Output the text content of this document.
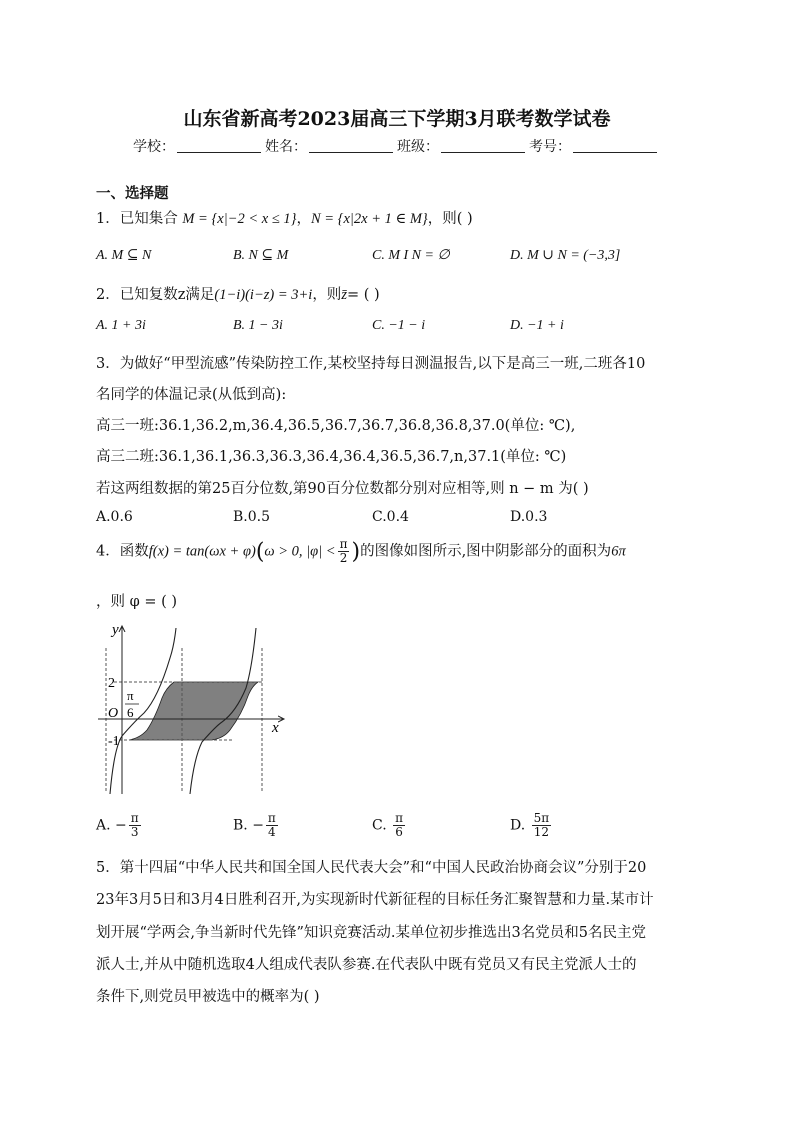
山东省新高考2023届高三下学期3月联考数学试卷
学校：	姓名：	班级：	考号：
一、选择题
1．已知集合 M = {x|−2 < x ≤ 1}，N = {x|2x + 1 ∈ M}，则( )
A. M ⊆ N	B. N ⊆ M	C. M I N = ∅	D. M ∪ N = (−3,3]
2．已知复数z满足(1−i)(i−z) = 3+i，则z̄= ( )
A. 1 + 3i	B. 1 − 3i	C. −1 − i	D. −1 + i
3．为做好“甲型流感”传染防控工作,某校坚持每日测温报告,以下是高三一班,二班各10
名同学的体温记录(从低到高):
高三一班:36.1,36.2,m,36.4,36.5,36.7,36.7,36.8,36.8,37.0(单位: ℃),
高三二班:36.1,36.1,36.3,36.3,36.4,36.4,36.5,36.7,n,37.1(单位: ℃)
若这两组数据的第25百分位数,第90百分位数都分别对应相等,则 n − m 为( )
A.0.6	B.0.5	C.0.4	D.0.3
4．函数f(x) = tan(ωx + φ)(ω > 0, $|\varphi| < \frac{\pi}{2}$ )的图像如图所示,图中阴影部分的面积为6π
，则 φ = ( )
y
x
O
2
-1
π
6
A. − $\frac{\pi}{3}$	B. − $\frac{\pi}{4}$	C. $\frac{\pi}{6}$	D. $\frac{5\pi}{12}$
5．第十四届“中华人民共和国全国人民代表大会”和“中国人民政治协商会议”分别于20
23年3月5日和3月4日胜利召开,为实现新时代新征程的目标任务汇聚智慧和力量.某市计
划开展“学两会,争当新时代先锋”知识竞赛活动.某单位初步推选出3名党员和5名民主党
派人士,并从中随机选取4人组成代表队参赛.在代表队中既有党员又有民主党派人士的
条件下,则党员甲被选中的概率为( )
